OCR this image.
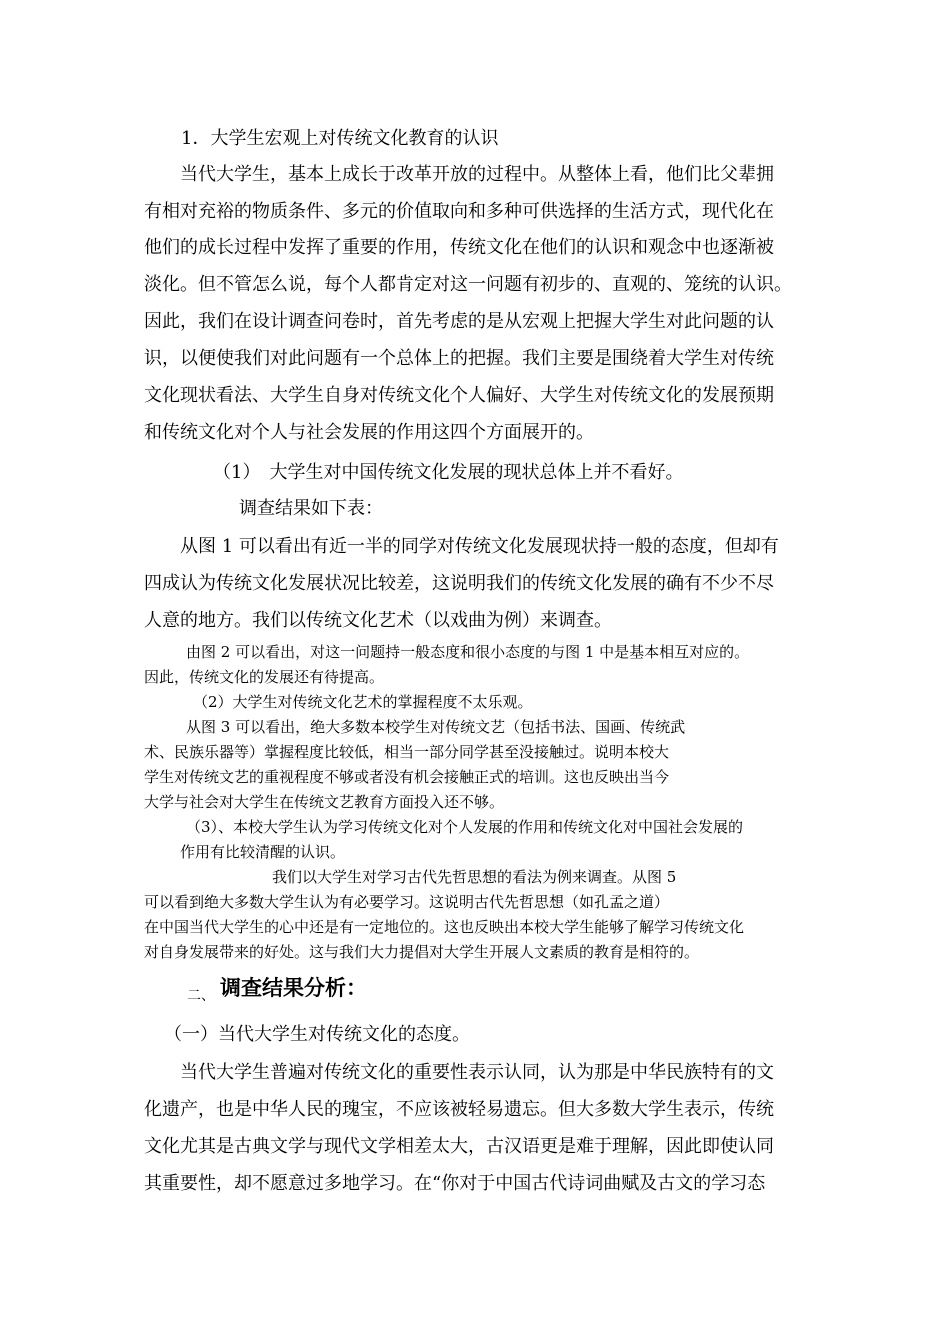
1．大学生宏观上对传统文化教育的认识
当代大学生，基本上成长于改革开放的过程中。从整体上看，他们比父辈拥
有相对充裕的物质条件、多元的价值取向和多种可供选择的生活方式，现代化在
他们的成长过程中发挥了重要的作用，传统文化在他们的认识和观念中也逐渐被
淡化。但不管怎么说，每个人都肯定对这一问题有初步的、直观的、笼统的认识。
因此，我们在设计调查问卷时，首先考虑的是从宏观上把握大学生对此问题的认
识，以便使我们对此问题有一个总体上的把握。我们主要是围绕着大学生对传统
文化现状看法、大学生自身对传统文化个人偏好、大学生对传统文化的发展预期
和传统文化对个人与社会发展的作用这四个方面展开的。
（1）　大学生对中国传统文化发展的现状总体上并不看好。
调查结果如下表：
从图 1 可以看出有近一半的同学对传统文化发展现状持一般的态度，但却有
四成认为传统文化发展状况比较差，这说明我们的传统文化发展的确有不少不尽
人意的地方。我们以传统文化艺术（以戏曲为例）来调查。
由图 2 可以看出，对这一问题持一般态度和很小态度的与图 1 中是基本相互对应的。
因此，传统文化的发展还有待提高。
（2）大学生对传统文化艺术的掌握程度不太乐观。
从图 3 可以看出，绝大多数本校学生对传统文艺（包括书法、国画、传统武
术、民族乐器等）掌握程度比较低，相当一部分同学甚至没接触过。说明本校大
学生对传统文艺的重视程度不够或者没有机会接触正式的培训。这也反映出当今
大学与社会对大学生在传统文艺教育方面投入还不够。
（3）、本校大学生认为学习传统文化对个人发展的作用和传统文化对中国社会发展的
作用有比较清醒的认识。
我们以大学生对学习古代先哲思想的看法为例来调查。从图 5
可以看到绝大多数大学生认为有必要学习。这说明古代先哲思想（如孔孟之道）
在中国当代大学生的心中还是有一定地位的。这也反映出本校大学生能够了解学习传统文化
对自身发展带来的好处。这与我们大力提倡对大学生开展人文素质的教育是相符的。
二、 调查结果分析：
（一）当代大学生对传统文化的态度。
当代大学生普遍对传统文化的重要性表示认同，认为那是中华民族特有的文
化遗产，也是中华人民的瑰宝，不应该被轻易遗忘。但大多数大学生表示，传统
文化尤其是古典文学与现代文学相差太大，古汉语更是难于理解，因此即使认同
其重要性，却不愿意过多地学习。在“你对于中国古代诗词曲赋及古文的学习态
